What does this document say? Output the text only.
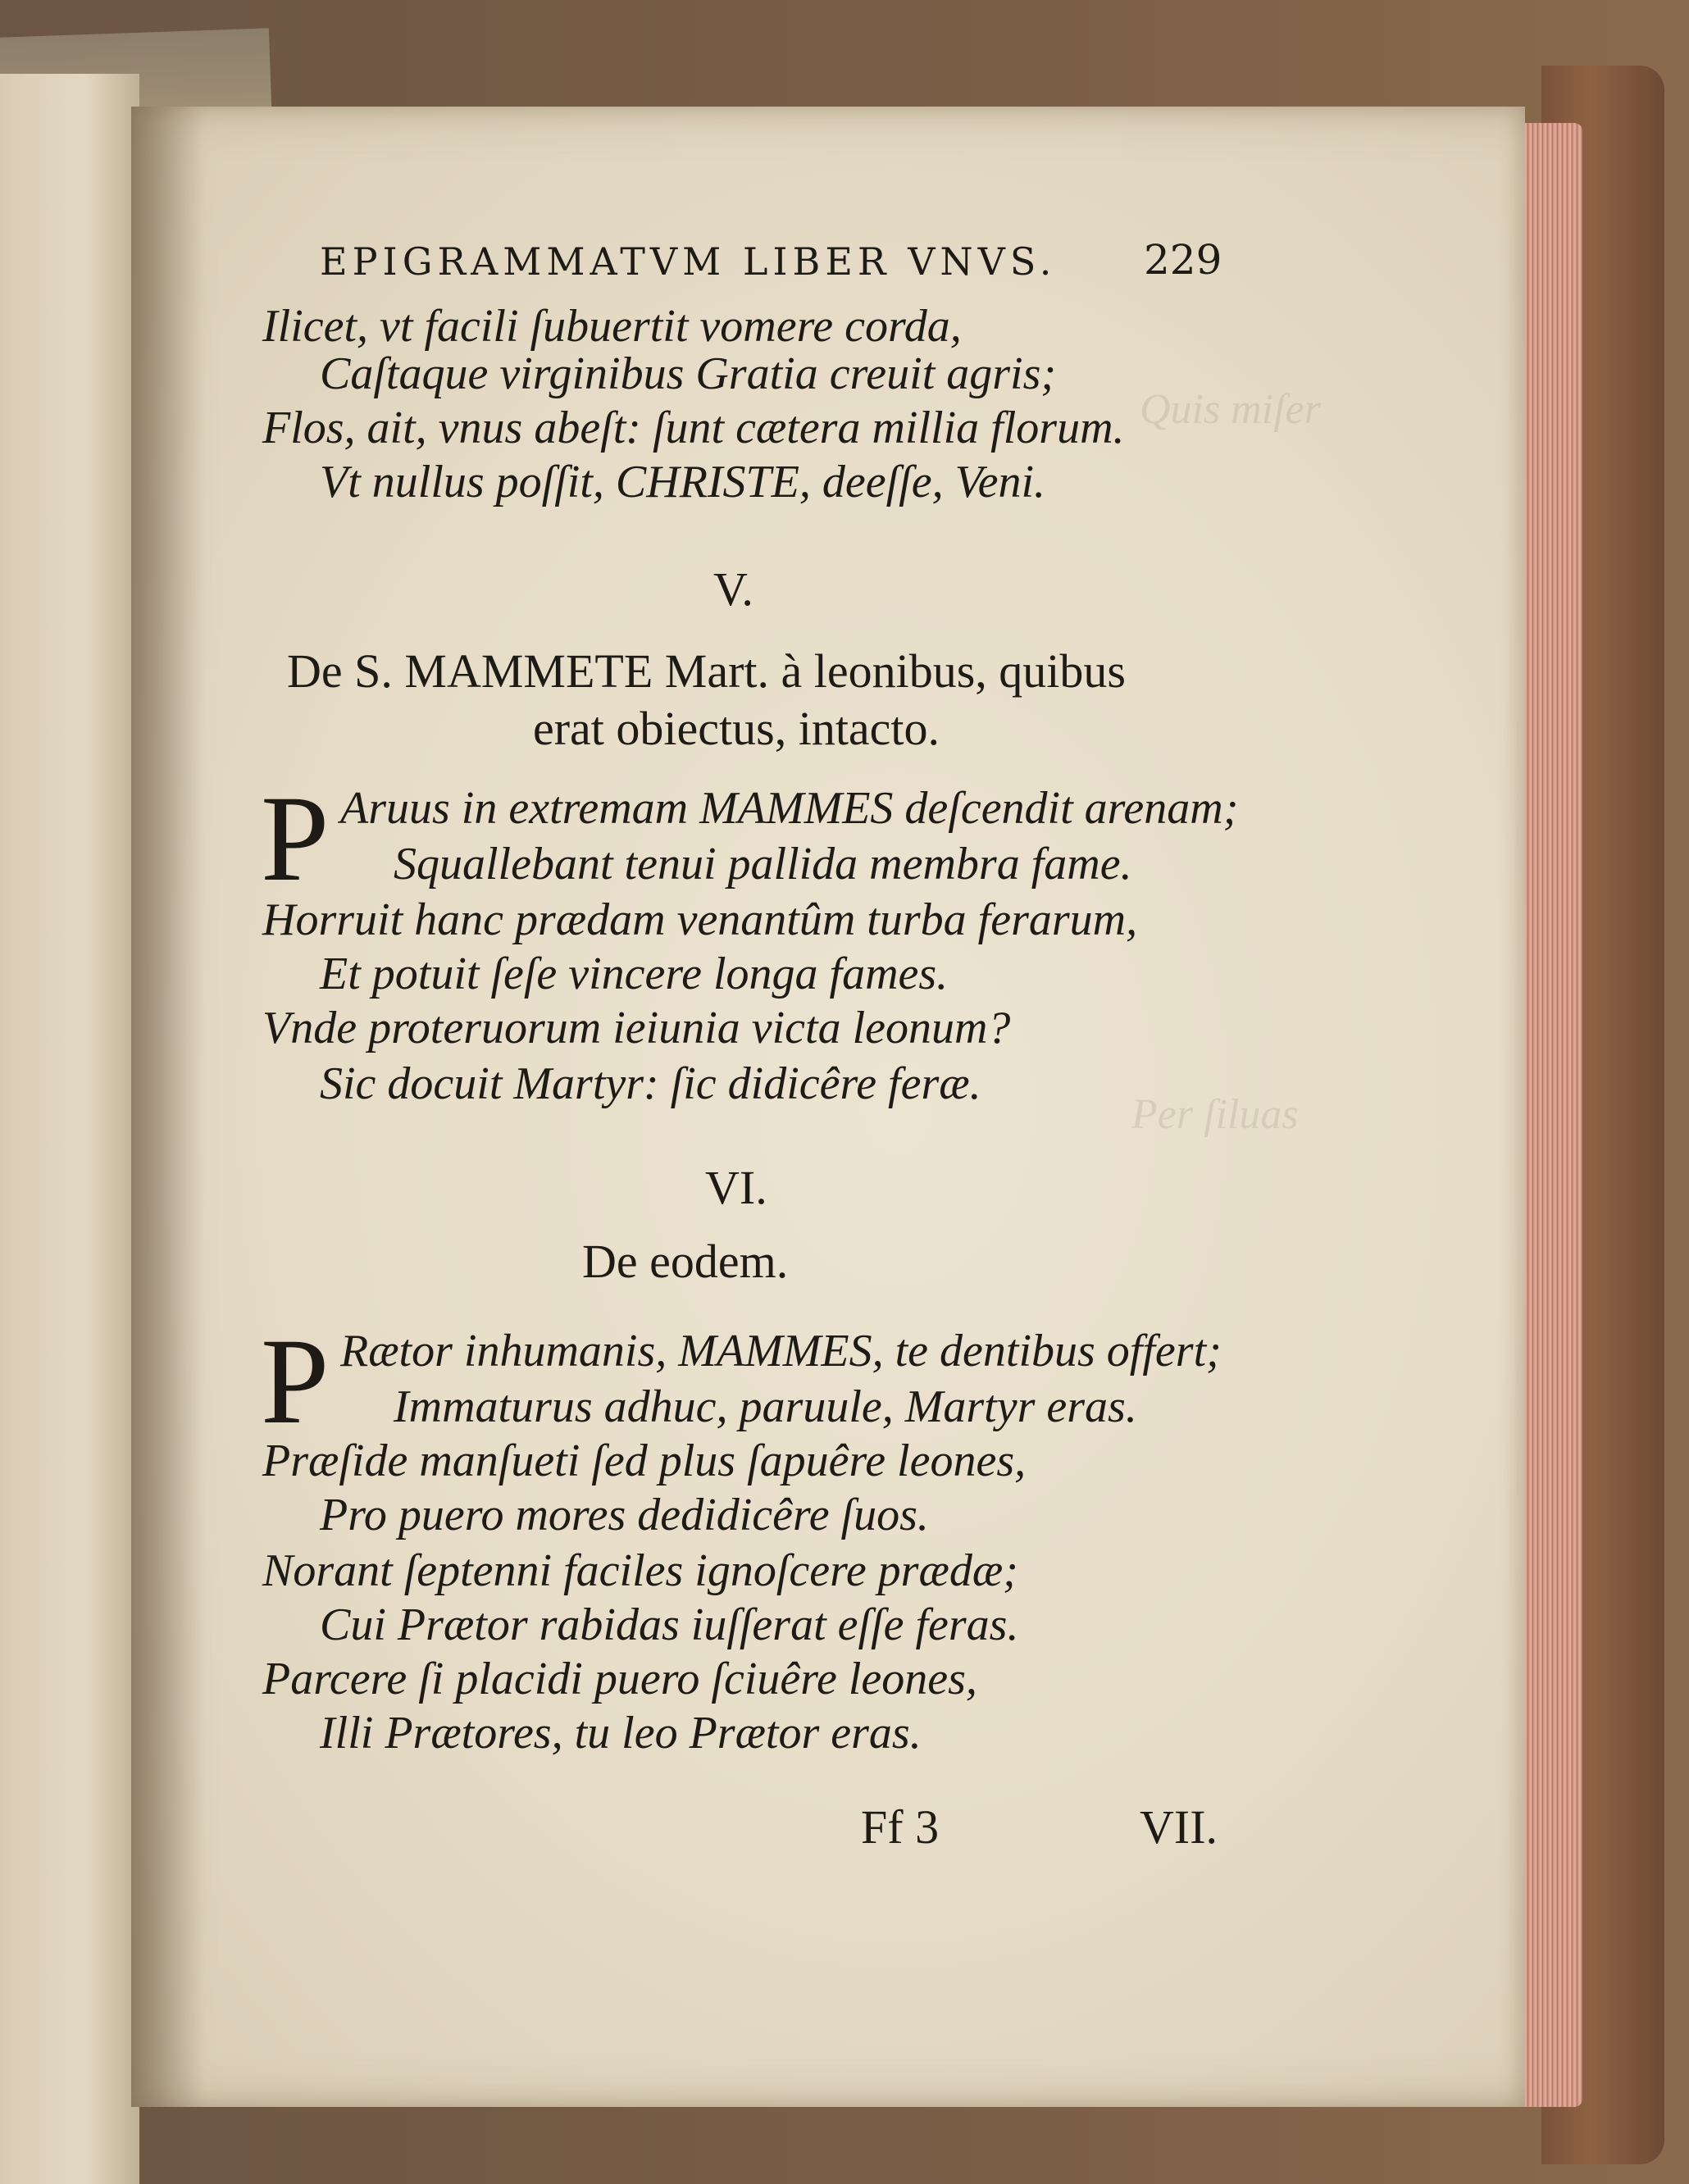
Quis miſer
Per ſiluas
EPIGRAMMATVM LIBER VNVS. 229
Ilicet, vt facili ſubuertit vomere corda,
Caſtaque virginibus Gratia creuit agris;
Flos, ait, vnus abeſt: ſunt cætera millia florum.
Vt nullus poſſit, CHRISTE, deeſſe, Veni.
V.
De S. MAMMETE Mart. à leonibus, quibus
erat obiectus, intacto.
P Aruus in extremam MAMMES deſcendit arenam;
Squallebant tenui pallida membra fame.
Horruit hanc prædam venantûm turba ferarum,
Et potuit ſeſe vincere longa fames.
Vnde proteruorum ieiunia victa leonum?
Sic docuit Martyr: ſic didicêre feræ.
VI.
De eodem.
P Rætor inhumanis, MAMMES, te dentibus offert;
Immaturus adhuc, paruule, Martyr eras.
Præſide manſueti ſed plus ſapuêre leones,
Pro puero mores dedidicêre ſuos.
Norant ſeptenni faciles ignoſcere prædæ;
Cui Prætor rabidas iuſſerat eſſe feras.
Parcere ſi placidi puero ſciuêre leones,
Illi Prætores, tu leo Prætor eras.
Ff 3	VII.
